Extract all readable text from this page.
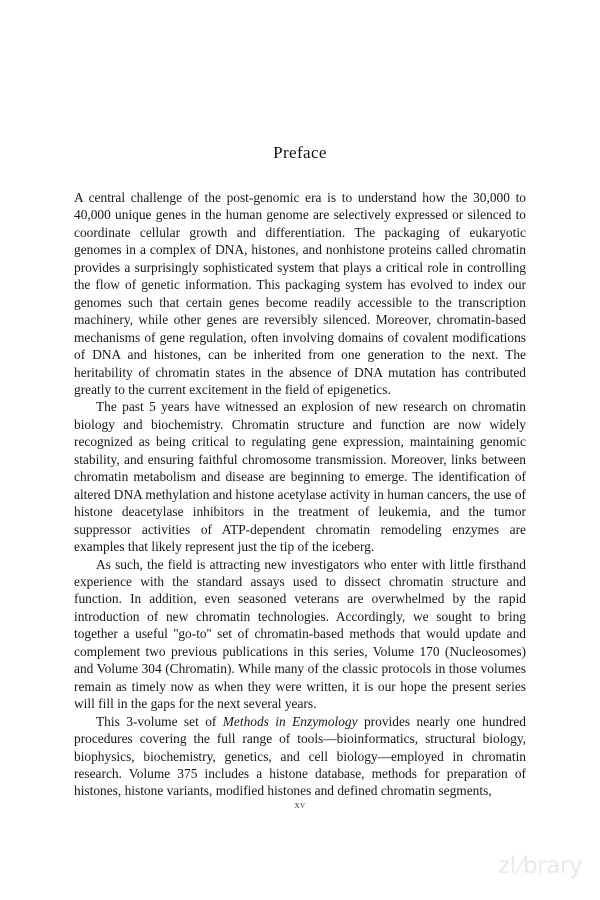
Preface

A central challenge of the post-genomic era is to understand how the 30,000 to 40,000 unique genes in the human genome are selectively expressed or silenced to coordinate cellular growth and differentiation. The packaging of eukaryotic genomes in a complex of DNA, histones, and nonhistone proteins called chromatin provides a surprisingly sophisticated system that plays a critical role in controlling the flow of genetic information. This packaging system has evolved to index our genomes such that certain genes become readily accessible to the transcription machinery, while other genes are reversibly silenced. Moreover, chromatin-based mechanisms of gene regulation, often involving domains of covalent modifications of DNA and histones, can be inherited from one generation to the next. The heritability of chromatin states in the absence of DNA mutation has contributed greatly to the current excitement in the field of epigenetics.

The past 5 years have witnessed an explosion of new research on chromatin biology and biochemistry. Chromatin structure and function are now widely recognized as being critical to regulating gene expression, maintaining genomic stability, and ensuring faithful chromosome transmission. Moreover, links between chromatin metabolism and disease are beginning to emerge. The identification of altered DNA methylation and histone acetylase activity in human cancers, the use of histone deacetylase inhibitors in the treatment of leukemia, and the tumor suppressor activities of ATP-dependent chromatin remodeling enzymes are examples that likely represent just the tip of the iceberg.

As such, the field is attracting new investigators who enter with little firsthand experience with the standard assays used to dissect chromatin structure and function. In addition, even seasoned veterans are overwhelmed by the rapid introduction of new chromatin technologies. Accordingly, we sought to bring together a useful ''go-to'' set of chromatin-based methods that would update and complement two previous publications in this series, Volume 170 (Nucleosomes) and Volume 304 (Chromatin). While many of the classic protocols in those volumes remain as timely now as when they were written, it is our hope the present series will fill in the gaps for the next several years.

This 3-volume set of Methods in Enzymology provides nearly one hundred procedures covering the full range of tools—bioinformatics, structural biology, biophysics, biochemistry, genetics, and cell biology—employed in chromatin research. Volume 375 includes a histone database, methods for preparation of histones, histone variants, modified histones and defined chromatin segments,

xv
zl/brary
